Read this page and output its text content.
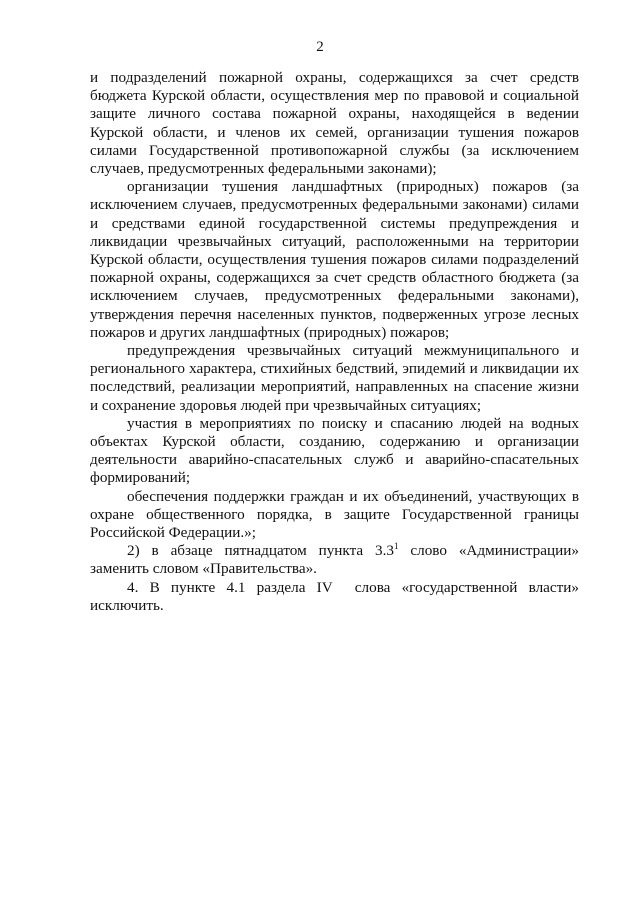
2

и подразделений пожарной охраны, содержащихся за счет средств бюджета Курской области, осуществления мер по правовой и социальной защите личного состава пожарной охраны, находящейся в ведении Курской области, и членов их семей, организации тушения пожаров силами Государственной противопожарной службы (за исключением случаев, предусмотренных федеральными законами);

организации тушения ландшафтных (природных) пожаров (за исключением случаев, предусмотренных федеральными законами) силами и средствами единой государственной системы предупреждения и ликвидации чрезвычайных ситуаций, расположенными на территории Курской области, осуществления тушения пожаров силами подразделений пожарной охраны, содержащихся за счет средств областного бюджета (за исключением случаев, предусмотренных федеральными законами), утверждения перечня населенных пунктов, подверженных угрозе лесных пожаров и других ландшафтных (природных) пожаров;

предупреждения чрезвычайных ситуаций межмуниципального и регионального характера, стихийных бедствий, эпидемий и ликвидации их последствий, реализации мероприятий, направленных на спасение жизни и сохранение здоровья людей при чрезвычайных ситуациях;

участия в мероприятиях по поиску и спасанию людей на водных объектах Курской области, созданию, содержанию и организации деятельности аварийно-спасательных служб и аварийно-спасательных формирований;

обеспечения поддержки граждан и их объединений, участвующих в охране общественного порядка, в защите Государственной границы Российской Федерации.»;

2) в абзаце пятнадцатом пункта $3.3^1$ слово «Администрации» заменить словом «Правительства».

4. В пункте 4.1 раздела IV  слова «государственной власти» исключить.
